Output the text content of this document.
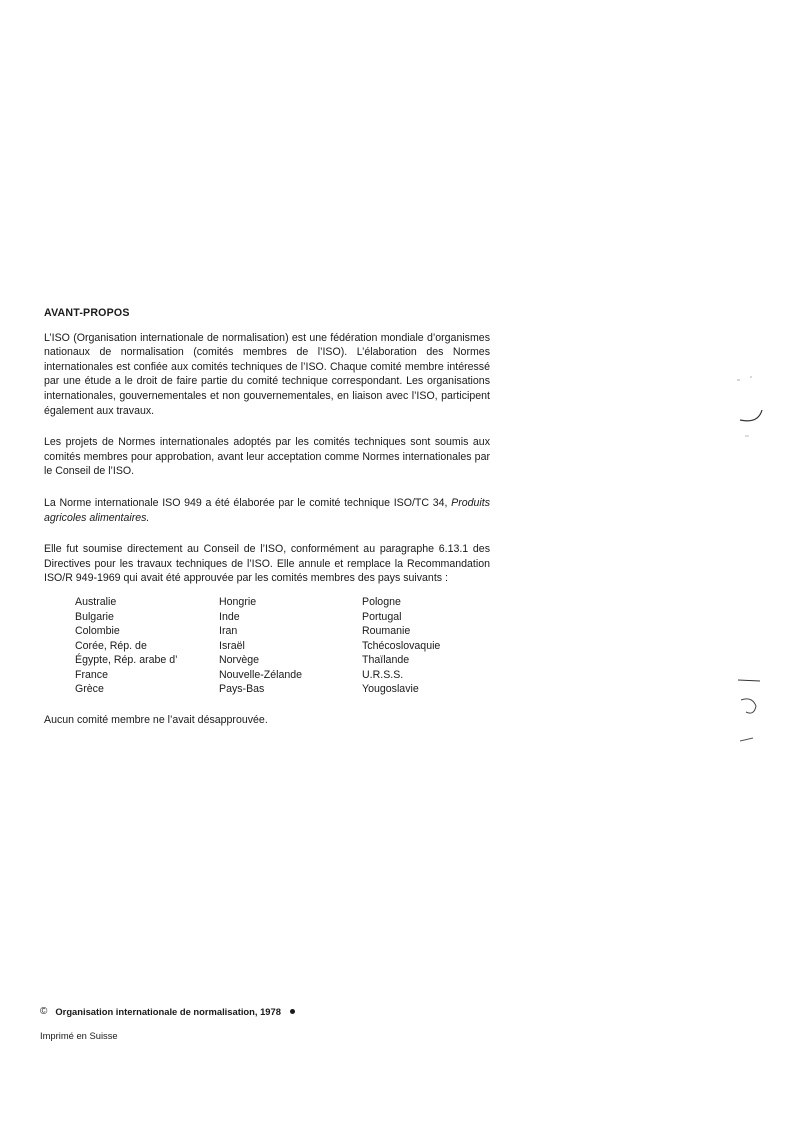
AVANT-PROPOS

L’ISO (Organisation internationale de normalisation) est une fédération mondiale d’organismes nationaux de normalisation (comités membres de l’ISO). L’élaboration des Normes internationales est confiée aux comités techniques de l’ISO. Chaque comité membre intéressé par une étude a le droit de faire partie du comité technique correspondant. Les organisations internationales, gouvernementales et non gouvernementales, en liaison avec l’ISO, participent également aux travaux.

Les projets de Normes internationales adoptés par les comités techniques sont soumis aux comités membres pour approbation, avant leur acceptation comme Normes internationales par le Conseil de l’ISO.

La Norme internationale ISO 949 a été élaborée par le comité technique ISO/TC 34, Produits agricoles alimentaires.

Elle fut soumise directement au Conseil de l’ISO, conformément au paragraphe 6.13.1 des Directives pour les travaux techniques de l’ISO. Elle annule et remplace la Recommandation ISO/R 949-1969 qui avait été approuvée par les comités membres des pays suivants :

Australie
Bulgarie
Colombie
Corée, Rép. de
Égypte, Rép. arabe d’
France
Grèce
Hongrie
Inde
Iran
Israël
Norvège
Nouvelle-Zélande
Pays-Bas
Pologne
Portugal
Roumanie
Tchécoslovaquie
Thaïlande
U.R.S.S.
Yougoslavie

Aucun comité membre ne l’avait désapprouvée.

© Organisation internationale de normalisation, 1978
Imprimé en Suisse
